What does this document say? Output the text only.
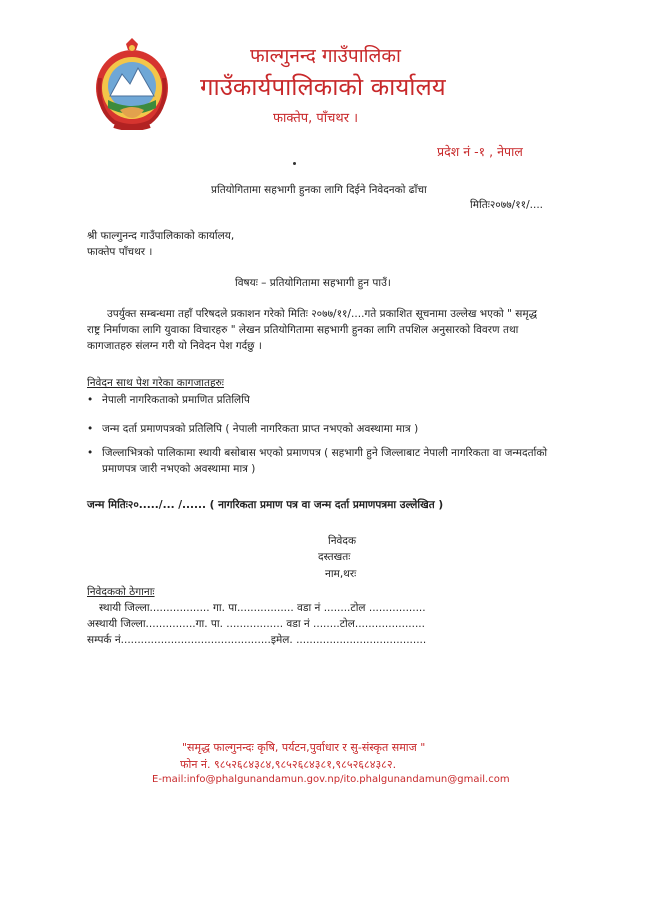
फाल्गुनन्द गाउँपालिका
गाउँकार्यपालिकाको कार्यालय
फाक्तेप, पाँचथर ।
प्रदेश नं -१ , नेपाल
प्रतियोगितामा सहभागी हुनका लागि दिईने निवेदनको ढाँचा
मितिः२०७७/११/....
श्री फाल्गुनन्द गाउँपालिकाको कार्यालय,
फाक्तेप पाँचथर ।
विषयः – प्रतियोगितामा सहभागी हुन पाउँ।
उपर्युक्त सम्बन्धमा तहाँ परिषदले प्रकाशन गरेको मितिः २०७७/११/....गते प्रकाशित सूचनामा उल्लेख भएको " समृद्ध राष्ट्र निर्माणका लागि युवाका विचारहरु " लेखन प्रतियोगितामा सहभागी हुनका लागि तपशिल अनुसारको विवरण तथा कागजातहरु संलग्न गरी यो निवेदन पेश गर्दछु ।
निवेदन साथ पेश गरेका कागजातहरुः
• नेपाली नागरिकताको प्रमाणित प्रतिलिपि
• जन्म दर्ता प्रमाणपत्रको प्रतिलिपि ( नेपाली नागरिकता प्राप्त नभएको अवस्थामा मात्र )
• जिल्लाभित्रको पालिकामा स्थायी बसोबास भएको प्रमाणपत्र ( सहभागी हुने जिल्लाबाट नेपाली नागरिकता वा जन्मदर्ताको प्रमाणपत्र जारी नभएको अवस्थामा मात्र )
जन्म मितिः२०...../... /...... ( नागरिकता प्रमाण पत्र वा जन्म दर्ता प्रमाणपत्रमा उल्लेखित )
निवेदक
दस्तखतः
नाम,थरः
निवेदकको ठेगानाः
स्थायी जिल्ला.................. गा. पा................. वडा नं ........टोल .................
अस्थायी जिल्ला...............गा. पा. ................. वडा नं ........टोल.....................
सम्पर्क नं.............................................इमेल. .......................................
"समृद्ध फाल्गुनन्दः कृषि, पर्यटन,पुर्वाधार र सु-संस्कृत समाज "
फोन नं. ९८५२६८४३८४,९८५२६८४३८१,९८५२६८४३८२.
E-mail:info@phalgunandamun.gov.np/ito.phalgunandamun@gmail.com
